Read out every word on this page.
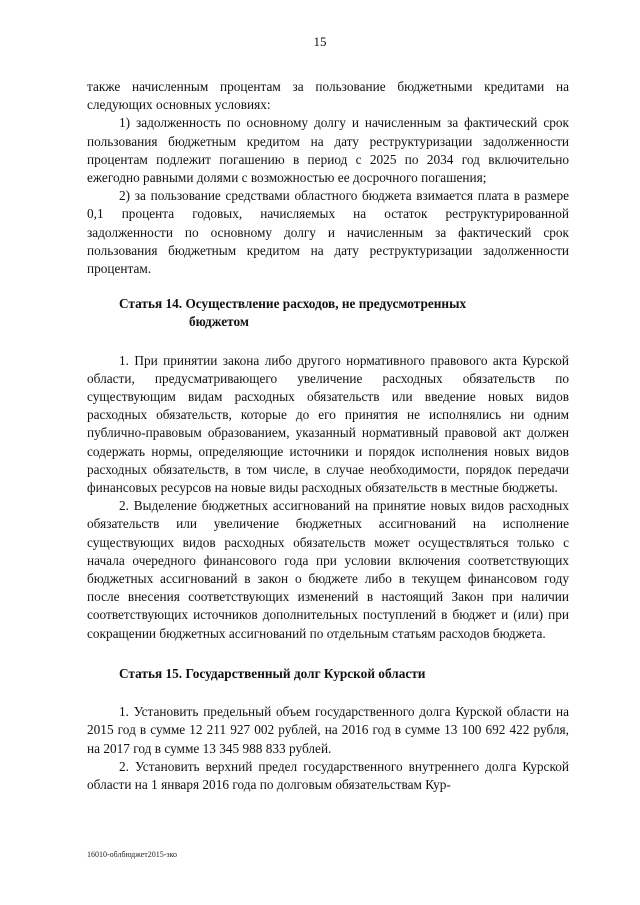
15

также начисленным процентам за пользование бюджетными кредитами на следующих основных условиях:

1) задолженность по основному долгу и начисленным за фактический срок пользования бюджетным кредитом на дату реструктуризации задолженности процентам подлежит погашению в период с 2025 по 2034 год включительно ежегодно равными долями с возможностью ее досрочного погашения;

2) за пользование средствами областного бюджета взимается плата в размере 0,1 процента годовых, начисляемых на остаток реструктурированной задолженности по основному долгу и начисленным за фактический срок пользования бюджетным кредитом на дату реструктуризации задолженности процентам.

Статья 14. Осуществление расходов, не предусмотренных
бюджетом

1. При принятии закона либо другого нормативного правового акта Курской области, предусматривающего увеличение расходных обязательств по существующим видам расходных обязательств или введение новых видов расходных обязательств, которые до его принятия не исполнялись ни одним публично-правовым образованием, указанный нормативный правовой акт должен содержать нормы, определяющие источники и порядок исполнения новых видов расходных обязательств, в том числе, в случае необходимости, порядок передачи финансовых ресурсов на новые виды расходных обязательств в местные бюджеты.

2. Выделение бюджетных ассигнований на принятие новых видов расходных обязательств или увеличение бюджетных ассигнований на исполнение существующих видов расходных обязательств может осуществляться только с начала очередного финансового года при условии включения соответствующих бюджетных ассигнований в закон о бюджете либо в текущем финансовом году после внесения соответствующих изменений в настоящий Закон при наличии соответствующих источников дополнительных поступлений в бюджет и (или) при сокращении бюджетных ассигнований по отдельным статьям расходов бюджета.

Статья 15. Государственный долг Курской области

1. Установить предельный объем государственного долга Курской области на 2015 год в сумме 12 211 927 002 рублей, на 2016 год в сумме 13 100 692 422 рубля, на 2017 год в сумме 13 345 988 833 рублей.

2. Установить верхний предел государственного внутреннего долга Курской области на 1 января 2016 года по долговым обязательствам Кур-

16010-облбюджет2015-зко
